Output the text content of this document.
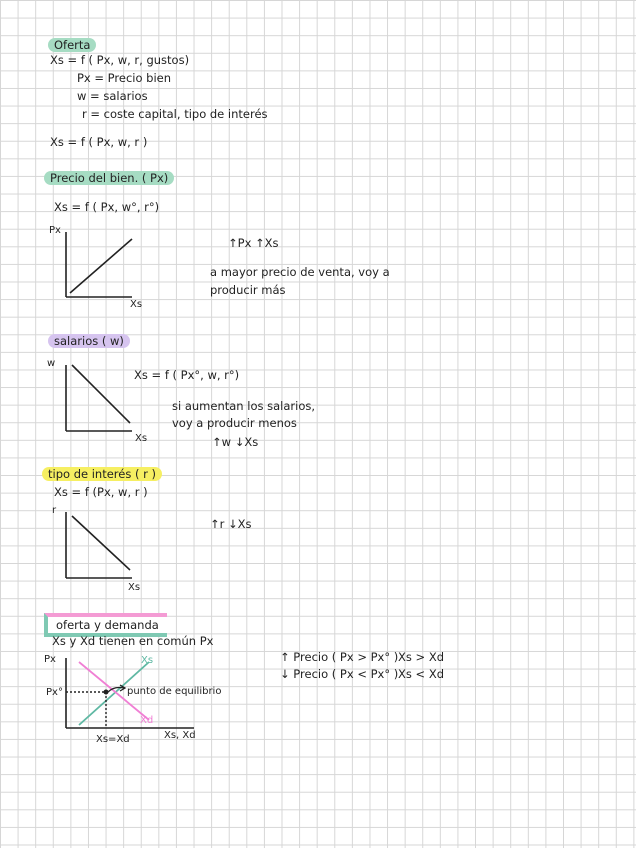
Oferta
Xs = f ( Px, w, r, gustos)
Px = Precio bien
w = salarios
r = coste capital, tipo de interés
Xs = f ( Px, w, r )
Precio del bien. ( Px)
Xs = f ( Px, w°, r°)
Px
Xs
↑Px ↑Xs
a mayor precio de venta, voy a
producir más
salarios ( w)
w
Xs
Xs = f ( Px°, w, r°)
si aumentan los salarios,
voy a producir menos
↑w ↓Xs
tipo de interés ( r )
Xs = f (Px, w, r )
r
Xs
↑r ↓Xs
oferta y demanda
Xs y Xd tienen en común Px
Px
Px°
Xs
Xd
punto de equilibrio
Xs=Xd	Xs, Xd
↑ Precio ( Px > Px° ) Xs > Xd
↓ Precio ( Px < Px° ) Xs < Xd
